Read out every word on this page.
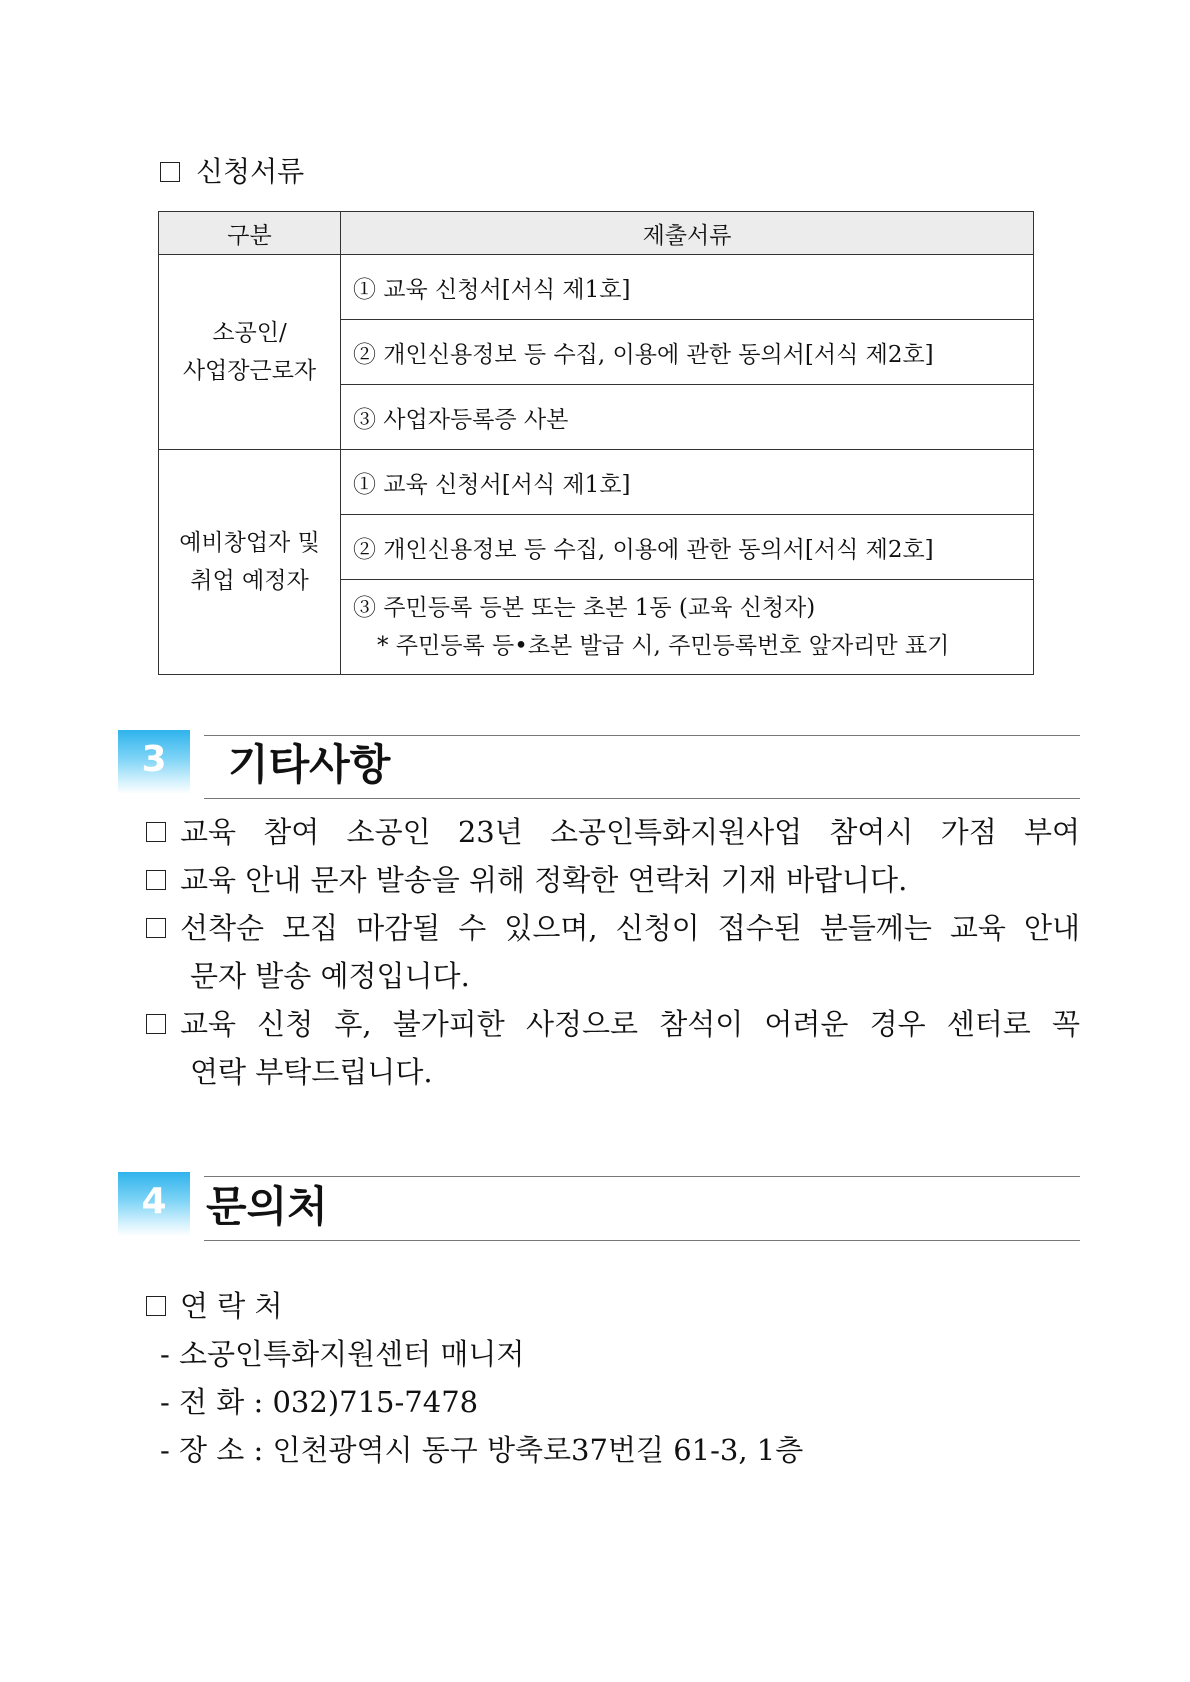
신청서류
구분	제출서류
소공인/
사업장근로자	① 교육 신청서[서식 제1호]
	② 개인신용정보 등 수집, 이용에 관한 동의서[서식 제2호]
	③ 사업자등록증 사본
예비창업자 및
취업 예정자	① 교육 신청서[서식 제1호]
	② 개인신용정보 등 수집, 이용에 관한 동의서[서식 제2호]
	③ 주민등록 등본 또는 초본 1동 (교육 신청자)
* 주민등록 등•초본 발급 시, 주민등록번호 앞자리만 표기
3	기타사항
교육 참여 소공인 23년 소공인특화지원사업 참여시 가점 부여
교육 안내 문자 발송을 위해 정확한 연락처 기재 바랍니다.
선착순 모집 마감될 수 있으며, 신청이 접수된 분들께는 교육 안내
문자 발송 예정입니다.
교육 신청 후, 불가피한 사정으로 참석이 어려운 경우 센터로 꼭
연락 부탁드립니다.
4 문의처
연 락 처
- 소공인특화지원센터 매니저
- 전 화 : 032)715-7478
- 장 소 : 인천광역시 동구 방축로37번길 61-3, 1층
